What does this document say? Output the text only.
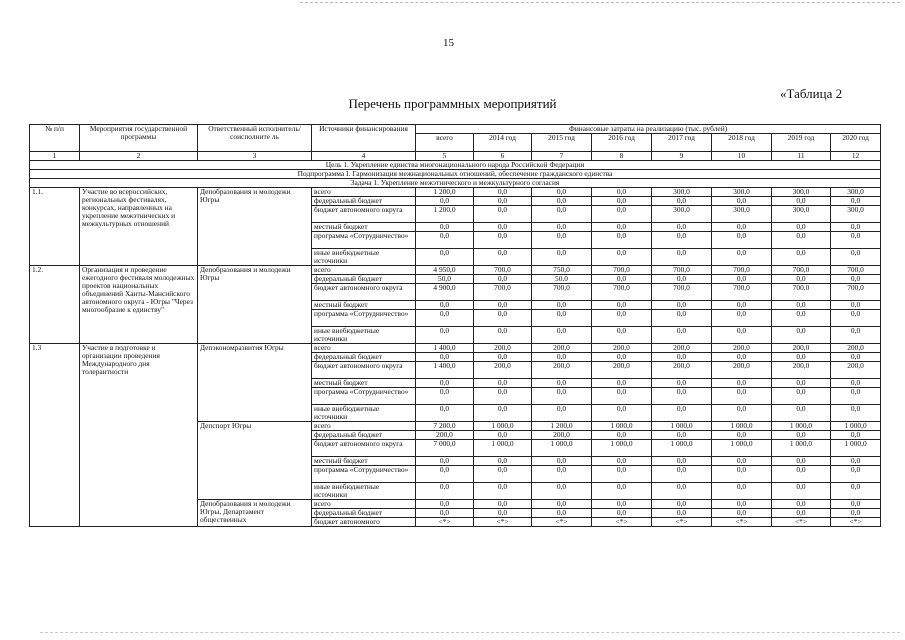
15
«Таблица 2
Перечень программных мероприятий
№ п/п	Мероприятия государственной программы	Ответственный исполнитель/соисполните ль	Источники финансирования	Финансовые затраты на реализацию (тыс. рублей)							
				всего	2014 год	2015 год	2016 год	2017 год	2018 год	2019 год	2020 год
1	2	3	4	5	6	7	8	9	10	11	12
Цель 1. Укрепление единства многонационального народа Российской Федерации											
Подпрограмма I. Гармонизация межнациональных отношений, обеспечение гражданского единства											
Задача 1. Укрепление межэтнического и межкультурного согласия											
1.1.	Участие во всероссийских, региональных фестивалях, конкурсах, направленных на укрепление межэтнических и межкультурных отношений	Депобразования и молодежи Югры	всего	1 200,0	0,0	0,0	0,0	300,0	300,0	300,0	300,0
			федеральный бюджет	0,0	0,0	0,0	0,0	0,0	0,0	0,0	0,0
			бюджет автономного округа	1 200,0	0,0	0,0	0,0	300,0	300,0	300,0	300,0
			местный бюджет	0,0	0,0	0,0	0,0	0,0	0,0	0,0	0,0
			программа «Сотрудничество»	0,0	0,0	0,0	0,0	0,0	0,0	0,0	0,0
			иные внебюджетные источники	0,0	0,0	0,0	0,0	0,0	0,0	0,0	0,0
1.2.	Организация и проведение ежегодного фестиваля молодежных проектов национальных объединений Ханты-Мансийского автономного округа - Югры "Через многообразие к единству"	Депобразования и молодежи Югры	всего	4 950,0	700,0	750,0	700,0	700,0	700,0	700,0	700,0
			федеральный бюджет	50,0	0,0	50,0	0,0	0,0	0,0	0,0	0,0
			бюджет автономного округа	4 900,0	700,0	700,0	700,0	700,0	700,0	700,0	700,0
			местный бюджет	0,0	0,0	0,0	0,0	0,0	0,0	0,0	0,0
			программа «Сотрудничество»	0,0	0,0	0,0	0,0	0,0	0,0	0,0	0,0
			иные внебюджетные источники	0,0	0,0	0,0	0,0	0,0	0,0	0,0	0,0
1.3	Участие в подготовке и организации проведения Международного дня толерантности	Депэкономразвития Югры	всего	1 400,0	200,0	200,0	200,0	200,0	200,0	200,0	200,0
			федеральный бюджет	0,0	0,0	0,0	0,0	0,0	0,0	0,0	0,0
			бюджет автономного округа	1 400,0	200,0	200,0	200,0	200,0	200,0	200,0	200,0
			местный бюджет	0,0	0,0	0,0	0,0	0,0	0,0	0,0	0,0
			программа «Сотрудничество»	0,0	0,0	0,0	0,0	0,0	0,0	0,0	0,0
			иные внебюджетные источники	0,0	0,0	0,0	0,0	0,0	0,0	0,0	0,0
		Депспорт Югры	всего	7 200,0	1 000,0	1 200,0	1 000,0	1 000,0	1 000,0	1 000,0	1 000,0
			федеральный бюджет	200,0	0,0	200,0	0,0	0,0	0,0	0,0	0,0
			бюджет автономного округа	7 000,0	1 000,0	1 000,0	1 000,0	1 000,0	1 000,0	1 000,0	1 000,0
			местный бюджет	0,0	0,0	0,0	0,0	0,0	0,0	0,0	0,0
			программа «Сотрудничество»	0,0	0,0	0,0	0,0	0,0	0,0	0,0	0,0
			иные внебюджетные источники	0,0	0,0	0,0	0,0	0,0	0,0	0,0	0,0
		Депобразования и молодежи Югры, Департамент общественных	всего	0,0	0,0	0,0	0,0	0,0	0,0	0,0	0,0
			федеральный бюджет	0,0	0,0	0,0	0,0	0,0	0,0	0,0	0,0
			бюджет автономного	<*>	<*>	<*>	<*>	<*>	<*>	<*>	<*>
